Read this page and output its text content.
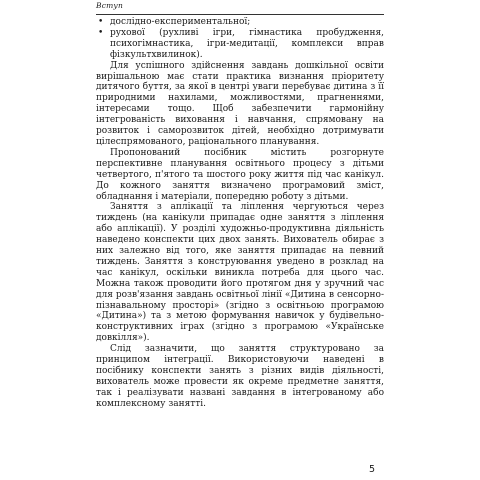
Вступ
• дослідно-експериментальної;
• рухової (рухливі ігри, гімнастика пробудження, психогімнастика, ігри-медитації, комплекси вправ фізкультхвилинок).

Для успішного здійснення завдань дошкільної освіти вирішальною має стати практика визнання пріоритету дитячого буття, за якої в центрі уваги перебуває дитина з її природними нахилами, можливостями, прагненнями, інтересами тощо. Щоб забезпечити гармонійну інтегрованість виховання і навчання, спрямовану на розвиток і саморозвиток дітей, необхідно дотримувати цілеспрямованого, раціонального планування.

Пропонований посібник містить розгорнуте перспективне планування освітнього процесу з дітьми четвертого, п'ятого та шостого року життя під час канікул. До кожного заняття визначено програмовий зміст, обладнання і матеріали, попередню роботу з дітьми.

Заняття з аплікації та ліплення чергуються через тиждень (на канікули припадає одне заняття з ліплення або аплікації). У розділі художньо-продуктивна діяльність наведено конспекти цих двох занять. Вихователь обирає з них залежно від того, яке заняття припадає на певний тиждень. Заняття з конструювання уведено в розклад на час канікул, оскільки виникла потреба для цього час. Можна також проводити його протягом дня у зручний час для розв'язання завдань освітньої лінії «Дитина в сенсорно-пізнавальному просторі» (згідно з освітньою програмою «Дитина») та з метою формування навичок у будівельно-конструктивних іграх (згідно з програмою «Українське довкілля»).

Слід зазначити, що заняття структуровано за принципом інтеграції. Використовуючи наведені в посібнику конспекти занять з різних видів діяльності, вихователь може провести як окреме предметне заняття, так і реалізувати названі завдання в інтегрованому або комплексному занятті.

5
